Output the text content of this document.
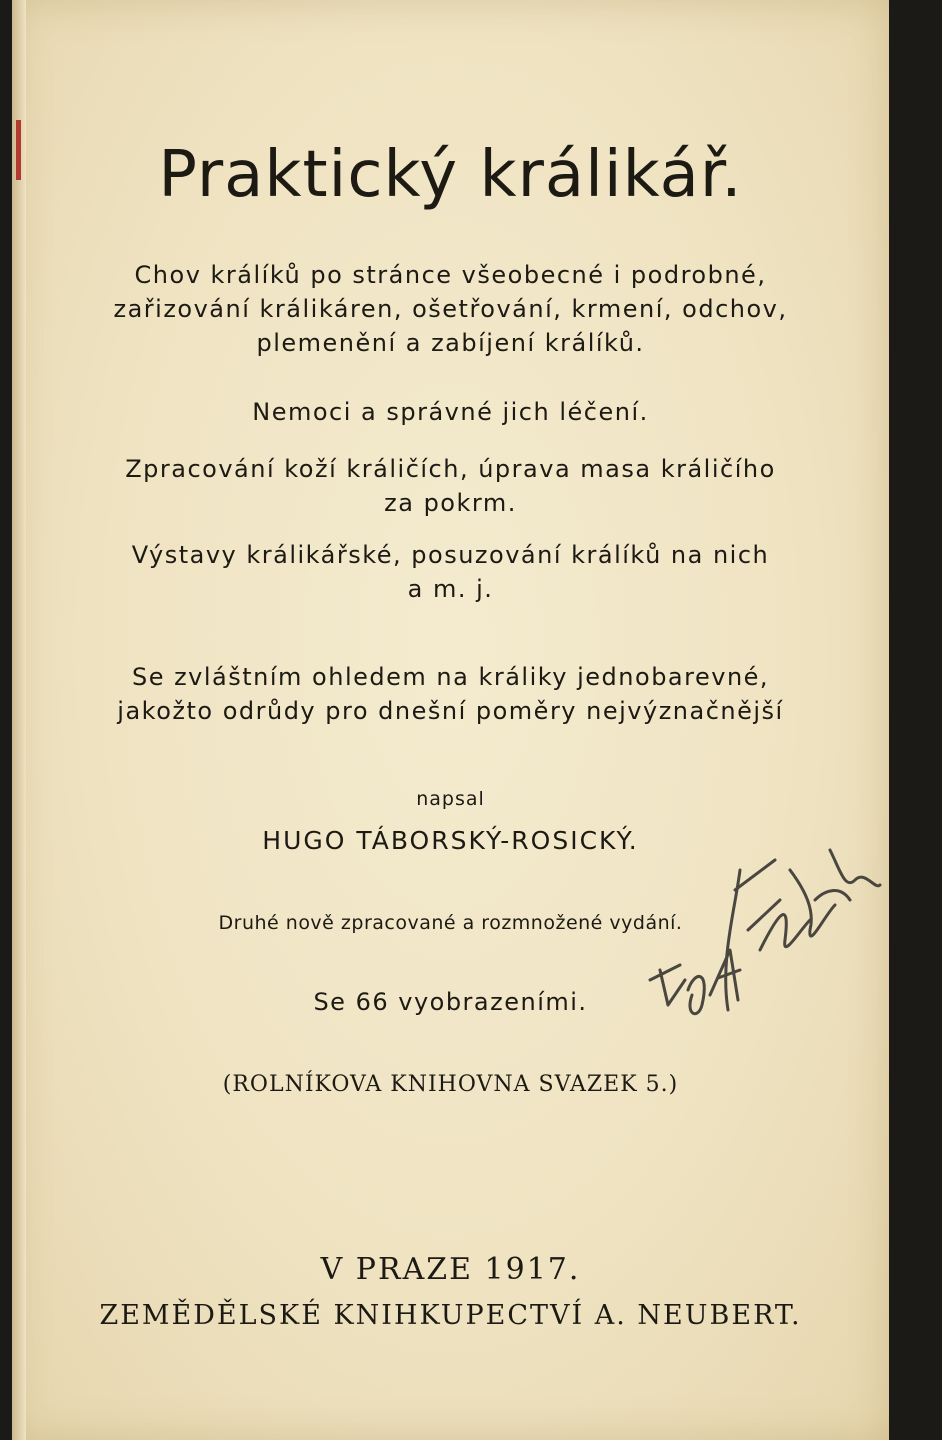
Praktický králikář.
Chov králíků po stránce všeobecné i podrobné,
zařizování králikáren, ošetřování, krmení, odchov,
plemenění a zabíjení králíků.
Nemoci a správné jich léčení.
Zpracování koží králičích, úprava masa králičího
za pokrm.
Výstavy králikářské, posuzování králíků na nich
a m. j.
Se zvláštním ohledem na králiky jednobarevné,
jakožto odrůdy pro dnešní poměry nejvýznačnější
napsal
HUGO TÁBORSKÝ-ROSICKÝ.
Druhé nově zpracované a rozmnožené vydání.
Se 66 vyobrazeními.
(ROLNÍKOVA KNIHOVNA SVAZEK 5.)
V PRAZE 1917.
ZEMĚDĚLSKÉ KNIHKUPECTVÍ A. NEUBERT.
